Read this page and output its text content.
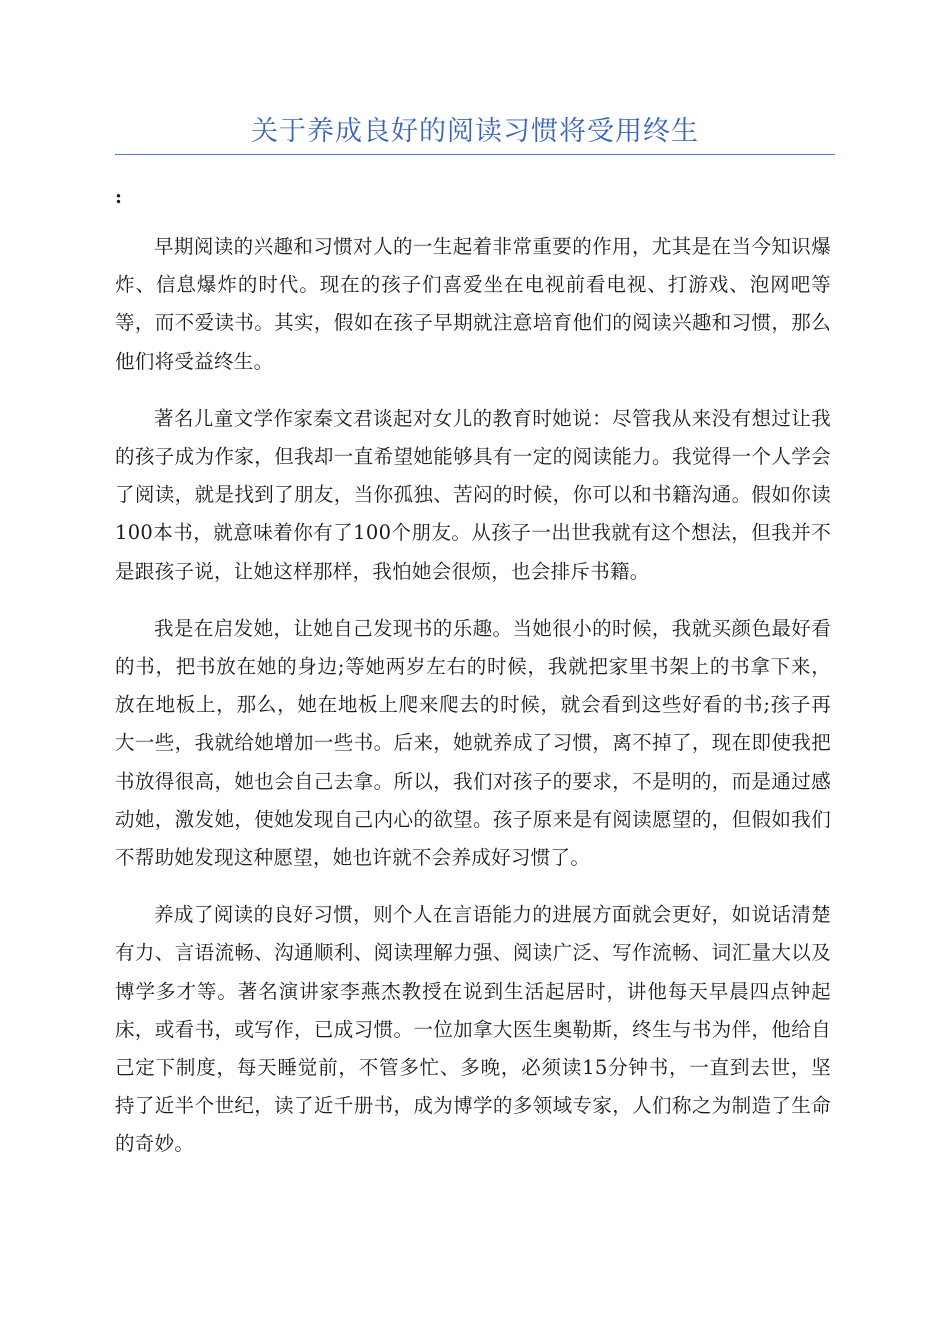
关于养成良好的阅读习惯将受用终生
:

早期阅读的兴趣和习惯对人的一生起着非常重要的作用，尤其是在当今知识爆炸、信息爆炸的时代。现在的孩子们喜爱坐在电视前看电视、打游戏、泡网吧等等，而不爱读书。其实，假如在孩子早期就注意培育他们的阅读兴趣和习惯，那么他们将受益终生。

著名儿童文学作家秦文君谈起对女儿的教育时她说：尽管我从来没有想过让我的孩子成为作家，但我却一直希望她能够具有一定的阅读能力。我觉得一个人学会了阅读，就是找到了朋友，当你孤独、苦闷的时候，你可以和书籍沟通。假如你读100本书，就意味着你有了100个朋友。从孩子一出世我就有这个想法，但我并不是跟孩子说，让她这样那样，我怕她会很烦，也会排斥书籍。

我是在启发她，让她自己发现书的乐趣。当她很小的时候，我就买颜色最好看的书，把书放在她的身边;等她两岁左右的时候，我就把家里书架上的书拿下来，放在地板上，那么，她在地板上爬来爬去的时候，就会看到这些好看的书;孩子再大一些，我就给她增加一些书。后来，她就养成了习惯，离不掉了，现在即使我把书放得很高，她也会自己去拿。所以，我们对孩子的要求，不是明的，而是通过感动她，激发她，使她发现自己内心的欲望。孩子原来是有阅读愿望的，但假如我们不帮助她发现这种愿望，她也许就不会养成好习惯了。

养成了阅读的良好习惯，则个人在言语能力的进展方面就会更好，如说话清楚有力、言语流畅、沟通顺利、阅读理解力强、阅读广泛、写作流畅、词汇量大以及博学多才等。著名演讲家李燕杰教授在说到生活起居时，讲他每天早晨四点钟起床，或看书，或写作，已成习惯。一位加拿大医生奥勒斯，终生与书为伴，他给自己定下制度，每天睡觉前，不管多忙、多晚，必须读15分钟书，一直到去世，坚持了近半个世纪，读了近千册书，成为博学的多领域专家，人们称之为制造了生命的奇妙。
